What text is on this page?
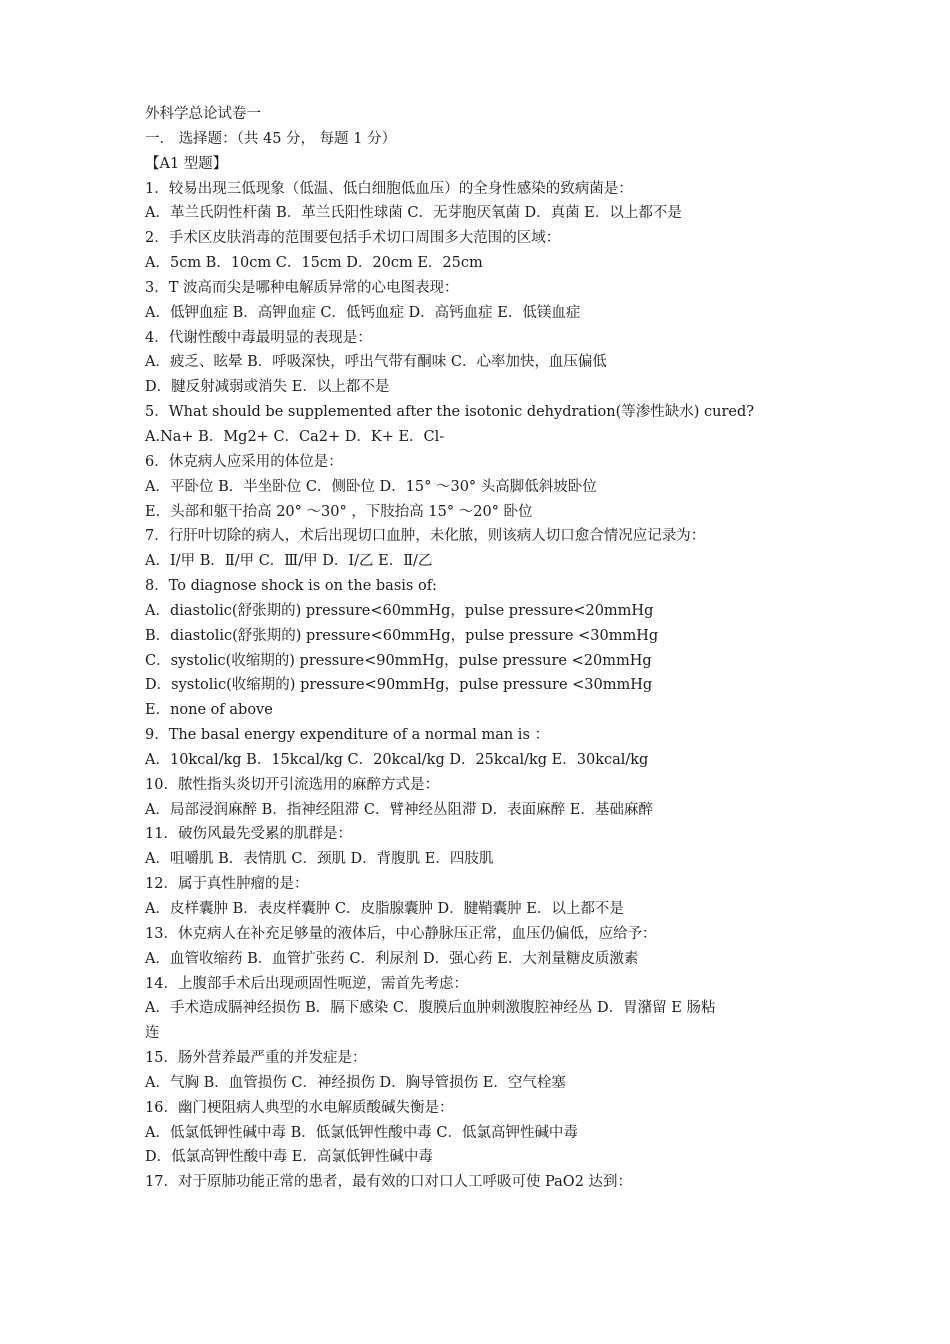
外科学总论试卷一
一． 选择题：（共 45 分， 每题 1 分）
【A1 型题】
1．较易出现三低现象（低温、低白细胞低血压）的全身性感染的致病菌是：
A．革兰氏阴性杆菌 B．革兰氏阳性球菌 C．无芽胞厌氧菌 D．真菌 E．以上都不是
2．手术区皮肤消毒的范围要包括手术切口周围多大范围的区域：
A．5cm B．10cm C．15cm D．20cm E．25cm
3．T 波高而尖是哪种电解质异常的心电图表现：
A．低钾血症 B．高钾血症 C．低钙血症 D．高钙血症 E．低镁血症
4．代谢性酸中毒最明显的表现是：
A．疲乏、眩晕 B．呼吸深快，呼出气带有酮味 C．心率加快，血压偏低
D．腱反射减弱或消失 E．以上都不是
5．What should be supplemented after the isotonic dehydration(等渗性缺水) cured?
A.Na+ B．Mg2+ C．Ca2+ D．K+ E．Cl-
6．休克病人应采用的体位是：
A．平卧位 B．半坐卧位 C．侧卧位 D．15° ～30° 头高脚低斜坡卧位
E．头部和躯干抬高 20° ～30° ，下肢抬高 15° ～20° 卧位
7．行肝叶切除的病人，术后出现切口血肿，未化脓，则该病人切口愈合情况应记录为：
A．Ⅰ/甲 B．Ⅱ/甲 C．Ⅲ/甲 D．Ⅰ/乙 E．Ⅱ/乙
8．To diagnose shock is on the basis of:
A．diastolic(舒张期的) pressure<60mmHg，pulse pressure<20mmHg
B．diastolic(舒张期的) pressure<60mmHg，pulse pressure <30mmHg
C．systolic(收缩期的) pressure<90mmHg，pulse pressure <20mmHg
D．systolic(收缩期的) pressure<90mmHg，pulse pressure <30mmHg
E．none of above
9．The basal energy expenditure of a normal man is ：
A．10kcal/kg B．15kcal/kg C．20kcal/kg D．25kcal/kg E．30kcal/kg
10．脓性指头炎切开引流选用的麻醉方式是：
A．局部浸润麻醉 B．指神经阻滞 C．臂神经丛阻滞 D．表面麻醉 E．基础麻醉
11．破伤风最先受累的肌群是：
A．咀嚼肌 B．表情肌 C．颈肌 D．背腹肌 E．四肢肌
12．属于真性肿瘤的是：
A．皮样囊肿 B．表皮样囊肿 C．皮脂腺囊肿 D．腱鞘囊肿 E．以上都不是
13．休克病人在补充足够量的液体后，中心静脉压正常，血压仍偏低，应给予：
A．血管收缩药 B．血管扩张药 C．利尿剂 D．强心药 E．大剂量糖皮质激素
14．上腹部手术后出现顽固性呃逆，需首先考虑：
A．手术造成膈神经损伤 B．膈下感染 C．腹膜后血肿刺激腹腔神经丛 D．胃潴留 E 肠粘
连
15．肠外营养最严重的并发症是：
A．气胸 B．血管损伤 C．神经损伤 D．胸导管损伤 E．空气栓塞
16．幽门梗阻病人典型的水电解质酸碱失衡是：
A．低氯低钾性碱中毒 B．低氯低钾性酸中毒 C．低氯高钾性碱中毒
D．低氯高钾性酸中毒 E．高氯低钾性碱中毒
17．对于原肺功能正常的患者，最有效的口对口人工呼吸可使 PaO2 达到：
